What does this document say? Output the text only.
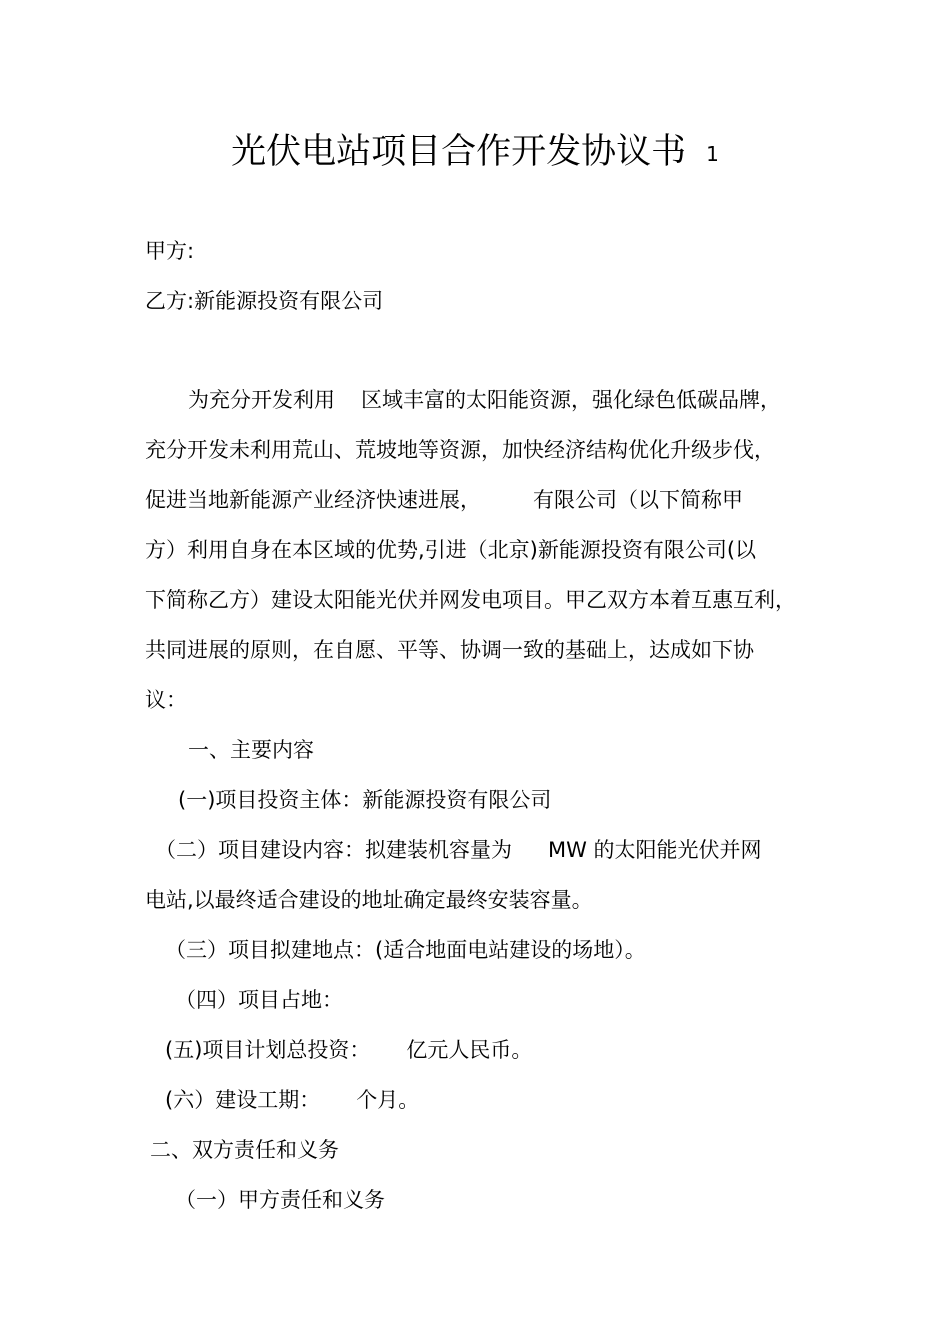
光伏电站项目合作开发协议书 1
甲方:
乙方:新能源投资有限公司
为充分开发利用 区域丰富的太阳能资源，强化绿色低碳品牌，
充分开发未利用荒山、荒坡地等资源，加快经济结构优化升级步伐，
促进当地新能源产业经济快速进展， 有限公司（以下简称甲
方）利用自身在本区域的优势,引进（北京)新能源投资有限公司(以
下简称乙方）建设太阳能光伏并网发电项目。甲乙双方本着互惠互利，
共同进展的原则，在自愿、平等、协调一致的基础上，达成如下协
议：
一、主要内容
(一)项目投资主体：新能源投资有限公司
（二）项目建设内容：拟建装机容量为 MW 的太阳能光伏并网
电站,以最终适合建设的地址确定最终安装容量。
（三）项目拟建地点：(适合地面电站建设的场地）。
（四）项目占地：
(五)项目计划总投资： 亿元人民币。
(六）建设工期： 个月。
二、双方责任和义务
（一）甲方责任和义务
